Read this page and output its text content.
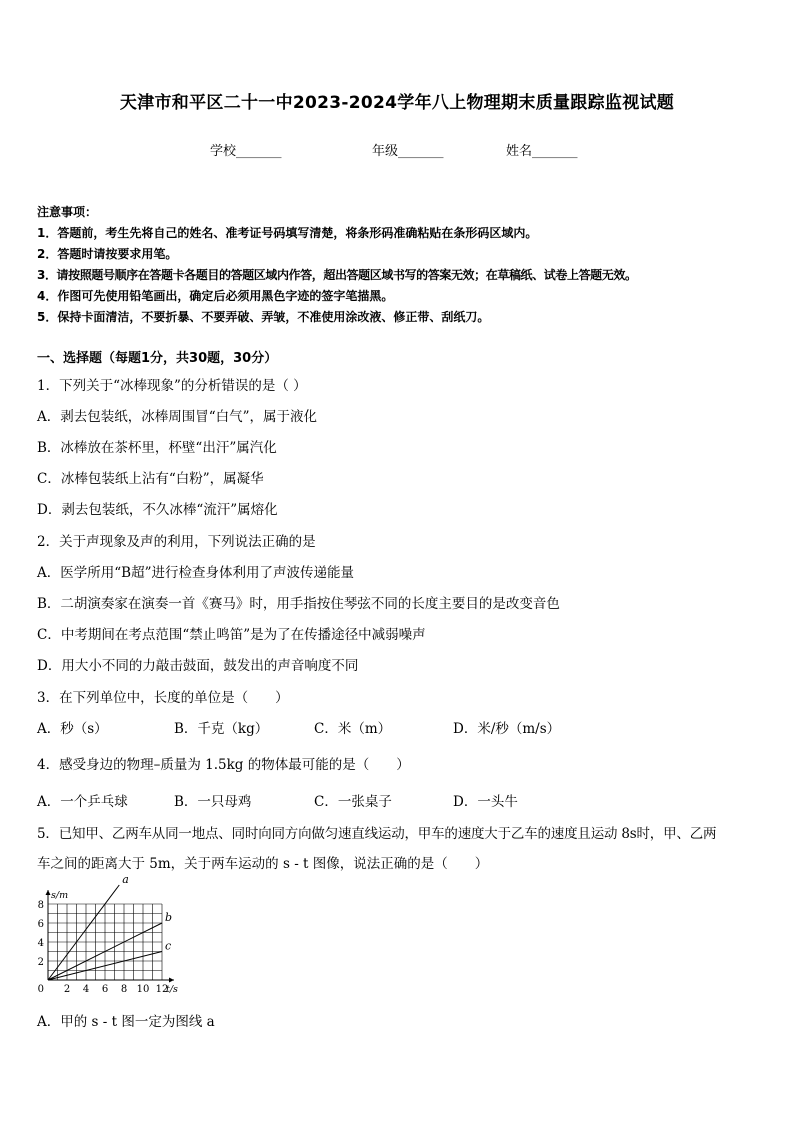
天津市和平区二十一中2023-2024学年八上物理期末质量跟踪监视试题
学校_______	年级_______	姓名_______
注意事项：
1．答题前，考生先将自己的姓名、准考证号码填写清楚，将条形码准确粘贴在条形码区域内。
2．答题时请按要求用笔。
3．请按照题号顺序在答题卡各题目的答题区域内作答，超出答题区域书写的答案无效；在草稿纸、试卷上答题无效。
4．作图可先使用铅笔画出，确定后必须用黑色字迹的签字笔描黑。
5．保持卡面清洁，不要折暴、不要弄破、弄皱，不准使用涂改液、修正带、刮纸刀。
一、选择题（每题1分，共30题，30分）
1．下列关于“冰棒现象”的分析错误的是（ ）
A．剥去包装纸，冰棒周围冒“白气”，属于液化
B．冰棒放在茶杯里，杯壁“出汗”属汽化
C．冰棒包装纸上沾有“白粉”，属凝华
D．剥去包装纸，不久冰棒“流汗”属熔化
2．关于声现象及声的利用，下列说法正确的是
A．医学所用“B超”进行检查身体利用了声波传递能量
B．二胡演奏家在演奏一首《赛马》时，用手指按住琴弦不同的长度主要目的是改变音色
C．中考期间在考点范围“禁止鸣笛”是为了在传播途径中减弱噪声
D．用大小不同的力敲击鼓面，鼓发出的声音响度不同
3．在下列单位中，长度的单位是（　　）
A．秒（s）	B．千克（kg）	C．米（m）	D．米/秒（m/s）
4．感受身边的物理–质量为 1.5kg 的物体最可能的是（　　）
A．一个乒乓球	B．一只母鸡	C．一张桌子	D．一头牛
5．已知甲、乙两车从同一地点、同时向同方向做匀速直线运动，甲车的速度大于乙车的速度且运动 8s时，甲、乙两
车之间的距离大于 5m，关于两车运动的 s - t 图像，说法正确的是（　　）
2 4 6 8 10 12
2
4
6
8
0	t/s
s/m
a
b
c
A．甲的 s - t 图一定为图线 a
